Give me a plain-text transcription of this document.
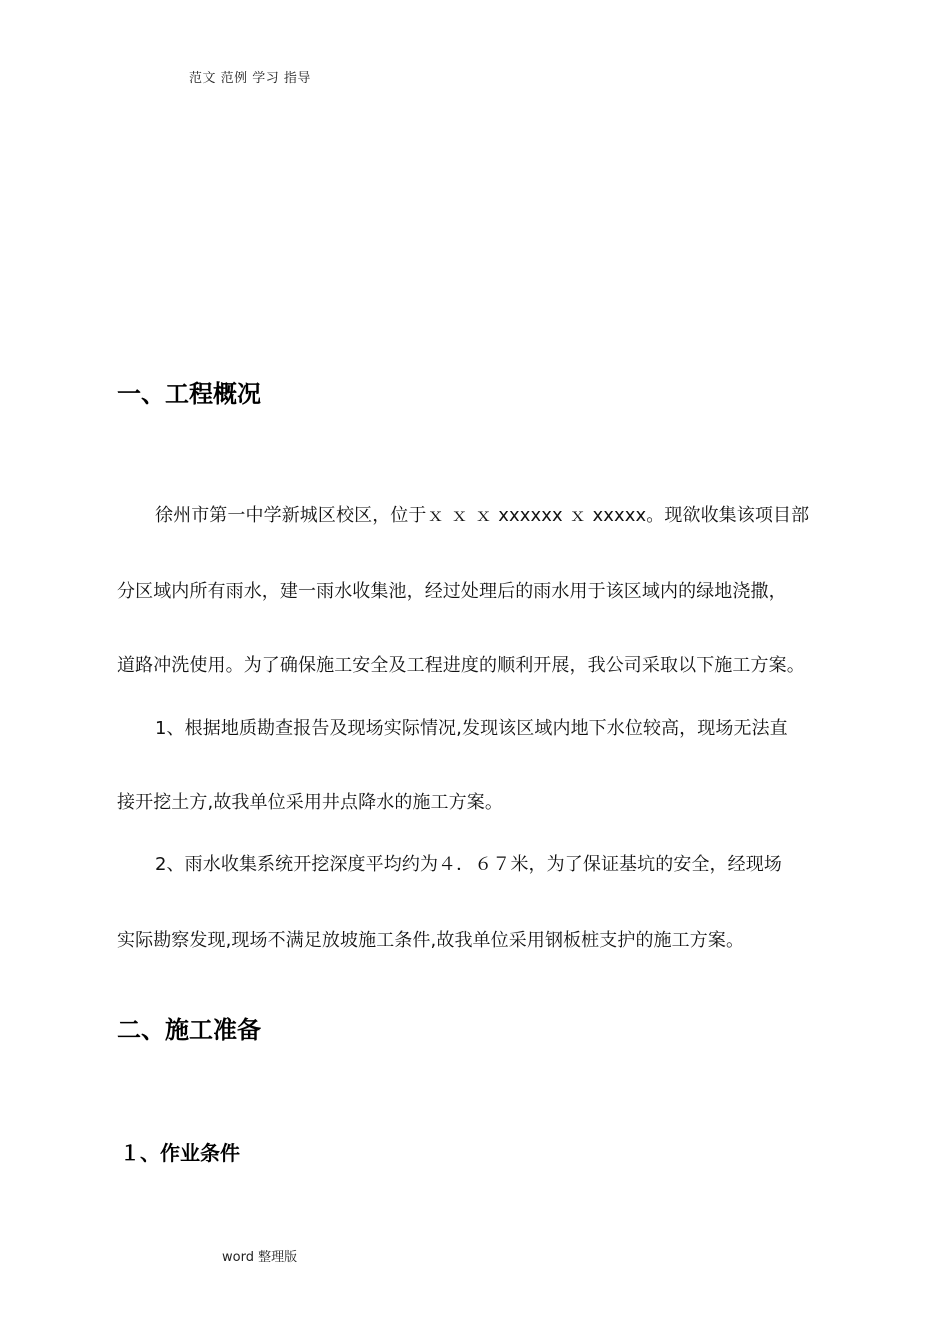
范文 范例 学习 指导
一、工程概况
徐州市第一中学新城区校区，位于ｘ ｘ ｘ xxxxxx ｘ xxxxx。现欲收集该项目部
分区域内所有雨水，建一雨水收集池，经过处理后的雨水用于该区域内的绿地浇撒，
道路冲洗使用。为了确保施工安全及工程进度的顺利开展，我公司采取以下施工方案。
1、根据地质勘查报告及现场实际情况,发现该区域内地下水位较高，现场无法直
接开挖土方,故我单位采用井点降水的施工方案。
2、雨水收集系统开挖深度平均约为４．６７米，为了保证基坑的安全，经现场
实际勘察发现,现场不满足放坡施工条件,故我单位采用钢板桩支护的施工方案。
二、施工准备
１、作业条件
word 整理版
